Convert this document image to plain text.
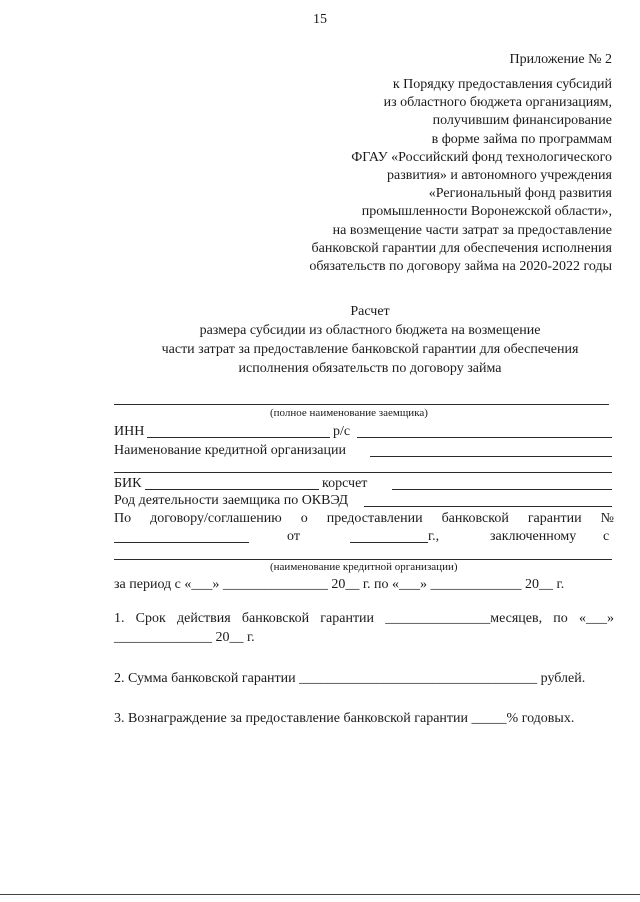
15
Приложение № 2
к Порядку предоставления субсидий
из областного бюджета организациям,
получившим финансирование
в форме займа по программам
ФГАУ «Российский фонд технологического
развития» и автономного учреждения
«Региональный фонд развития
промышленности Воронежской области»,
на возмещение части затрат за предоставление
банковской гарантии для обеспечения исполнения
обязательств по договору займа на 2020-2022 годы
Расчет
размера субсидии из областного бюджета на возмещение
части затрат за предоставление банковской гарантии для обеспечения
исполнения обязательств по договору займа
(полное наименование заемщика)
ИНН	р/с
Наименование кредитной организации
БИК	корсчет
Род деятельности заемщика по ОКВЭД
По договору/соглашению о предоставлении банковской гарантии №
от	г.,	заключенному с
(наименование кредитной организации)
за период с «___» _______________ 20__ г. по «___» _____________ 20__ г.
1. Срок действия банковской гарантии _______________месяцев, по «___»
______________ 20__ г.
2. Сумма банковской гарантии __________________________________ рублей.
3. Вознаграждение за предоставление банковской гарантии _____% годовых.
